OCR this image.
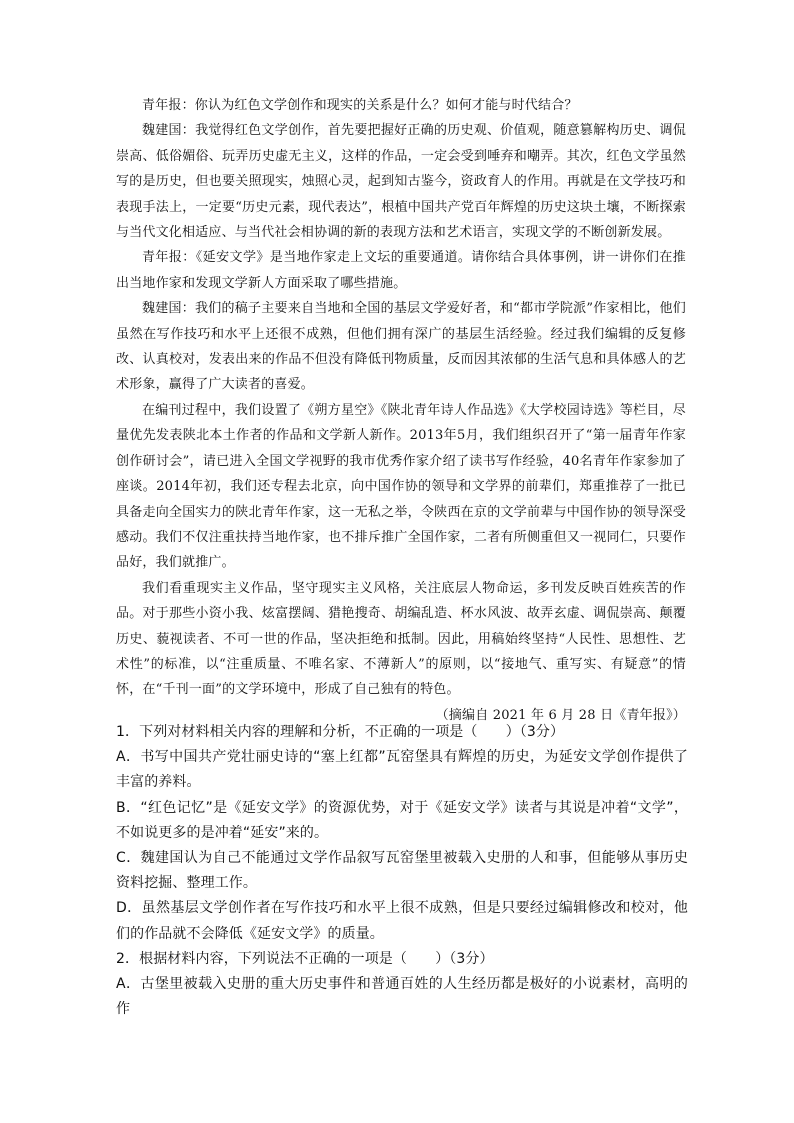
青年报：你认为红色文学创作和现实的关系是什么？如何才能与时代结合？

魏建国：我觉得红色文学创作，首先要把握好正确的历史观、价值观，随意篡解构历史、调侃崇高、低俗媚俗、玩弄历史虚无主义，这样的作品，一定会受到唾弃和嘲弄。其次，红色文学虽然写的是历史，但也要关照现实，烛照心灵，起到知古鉴今，资政育人的作用。再就是在文学技巧和表现手法上，一定要“历史元素，现代表达”，根植中国共产党百年辉煌的历史这块土壤，不断探索与当代文化相适应、与当代社会相协调的新的表现方法和艺术语言，实现文学的不断创新发展。

青年报：《延安文学》是当地作家走上文坛的重要通道。请你结合具体事例，讲一讲你们在推出当地作家和发现文学新人方面采取了哪些措施。

魏建国：我们的稿子主要来自当地和全国的基层文学爱好者，和“都市学院派”作家相比，他们虽然在写作技巧和水平上还很不成熟，但他们拥有深广的基层生活经验。经过我们编辑的反复修改、认真校对，发表出来的作品不但没有降低刊物质量，反而因其浓郁的生活气息和具体感人的艺术形象，赢得了广大读者的喜爱。

在编刊过程中，我们设置了《朔方星空》《陕北青年诗人作品选》《大学校园诗选》等栏目，尽量优先发表陕北本土作者的作品和文学新人新作。2013年5月，我们组织召开了“第一届青年作家创作研讨会”，请已进入全国文学视野的我市优秀作家介绍了读书写作经验，40名青年作家参加了座谈。2014年初，我们还专程去北京，向中国作协的领导和文学界的前辈们，郑重推荐了一批已具备走向全国实力的陕北青年作家，这一无私之举，令陕西在京的文学前辈与中国作协的领导深受感动。我们不仅注重扶持当地作家，也不排斥推广全国作家，二者有所侧重但又一视同仁，只要作品好，我们就推广。

我们看重现实主义作品，坚守现实主义风格，关注底层人物命运，多刊发反映百姓疾苦的作品。对于那些小资小我、炫富摆阔、猎艳搜奇、胡编乱造、杯水风波、故弄玄虚、调侃崇高、颠覆历史、藐视读者、不可一世的作品，坚决拒绝和抵制。因此，用稿始终坚持“人民性、思想性、艺术性”的标准，以“注重质量、不唯名家、不薄新人”的原则，以“接地气、重写实、有疑意”的情怀，在“千刊一面”的文学环境中，形成了自己独有的特色。

（摘编自 2021 年 6 月 28 日《青年报》）

1．下列对材料相关内容的理解和分析，不正确的一项是（　　）（3分）

A．书写中国共产党壮丽史诗的“塞上红都”瓦窑堡具有辉煌的历史，为延安文学创作提供了丰富的养料。

B．“红色记忆”是《延安文学》的资源优势，对于《延安文学》读者与其说是冲着“文学”，不如说更多的是冲着“延安”来的。

C．魏建国认为自己不能通过文学作品叙写瓦窑堡里被载入史册的人和事，但能够从事历史资料挖掘、整理工作。

D．虽然基层文学创作者在写作技巧和水平上很不成熟，但是只要经过编辑修改和校对，他们的作品就不会降低《延安文学》的质量。

2．根据材料内容，下列说法不正确的一项是（　　）（3分）

A．古堡里被载入史册的重大历史事件和普通百姓的人生经历都是极好的小说素材，高明的作
